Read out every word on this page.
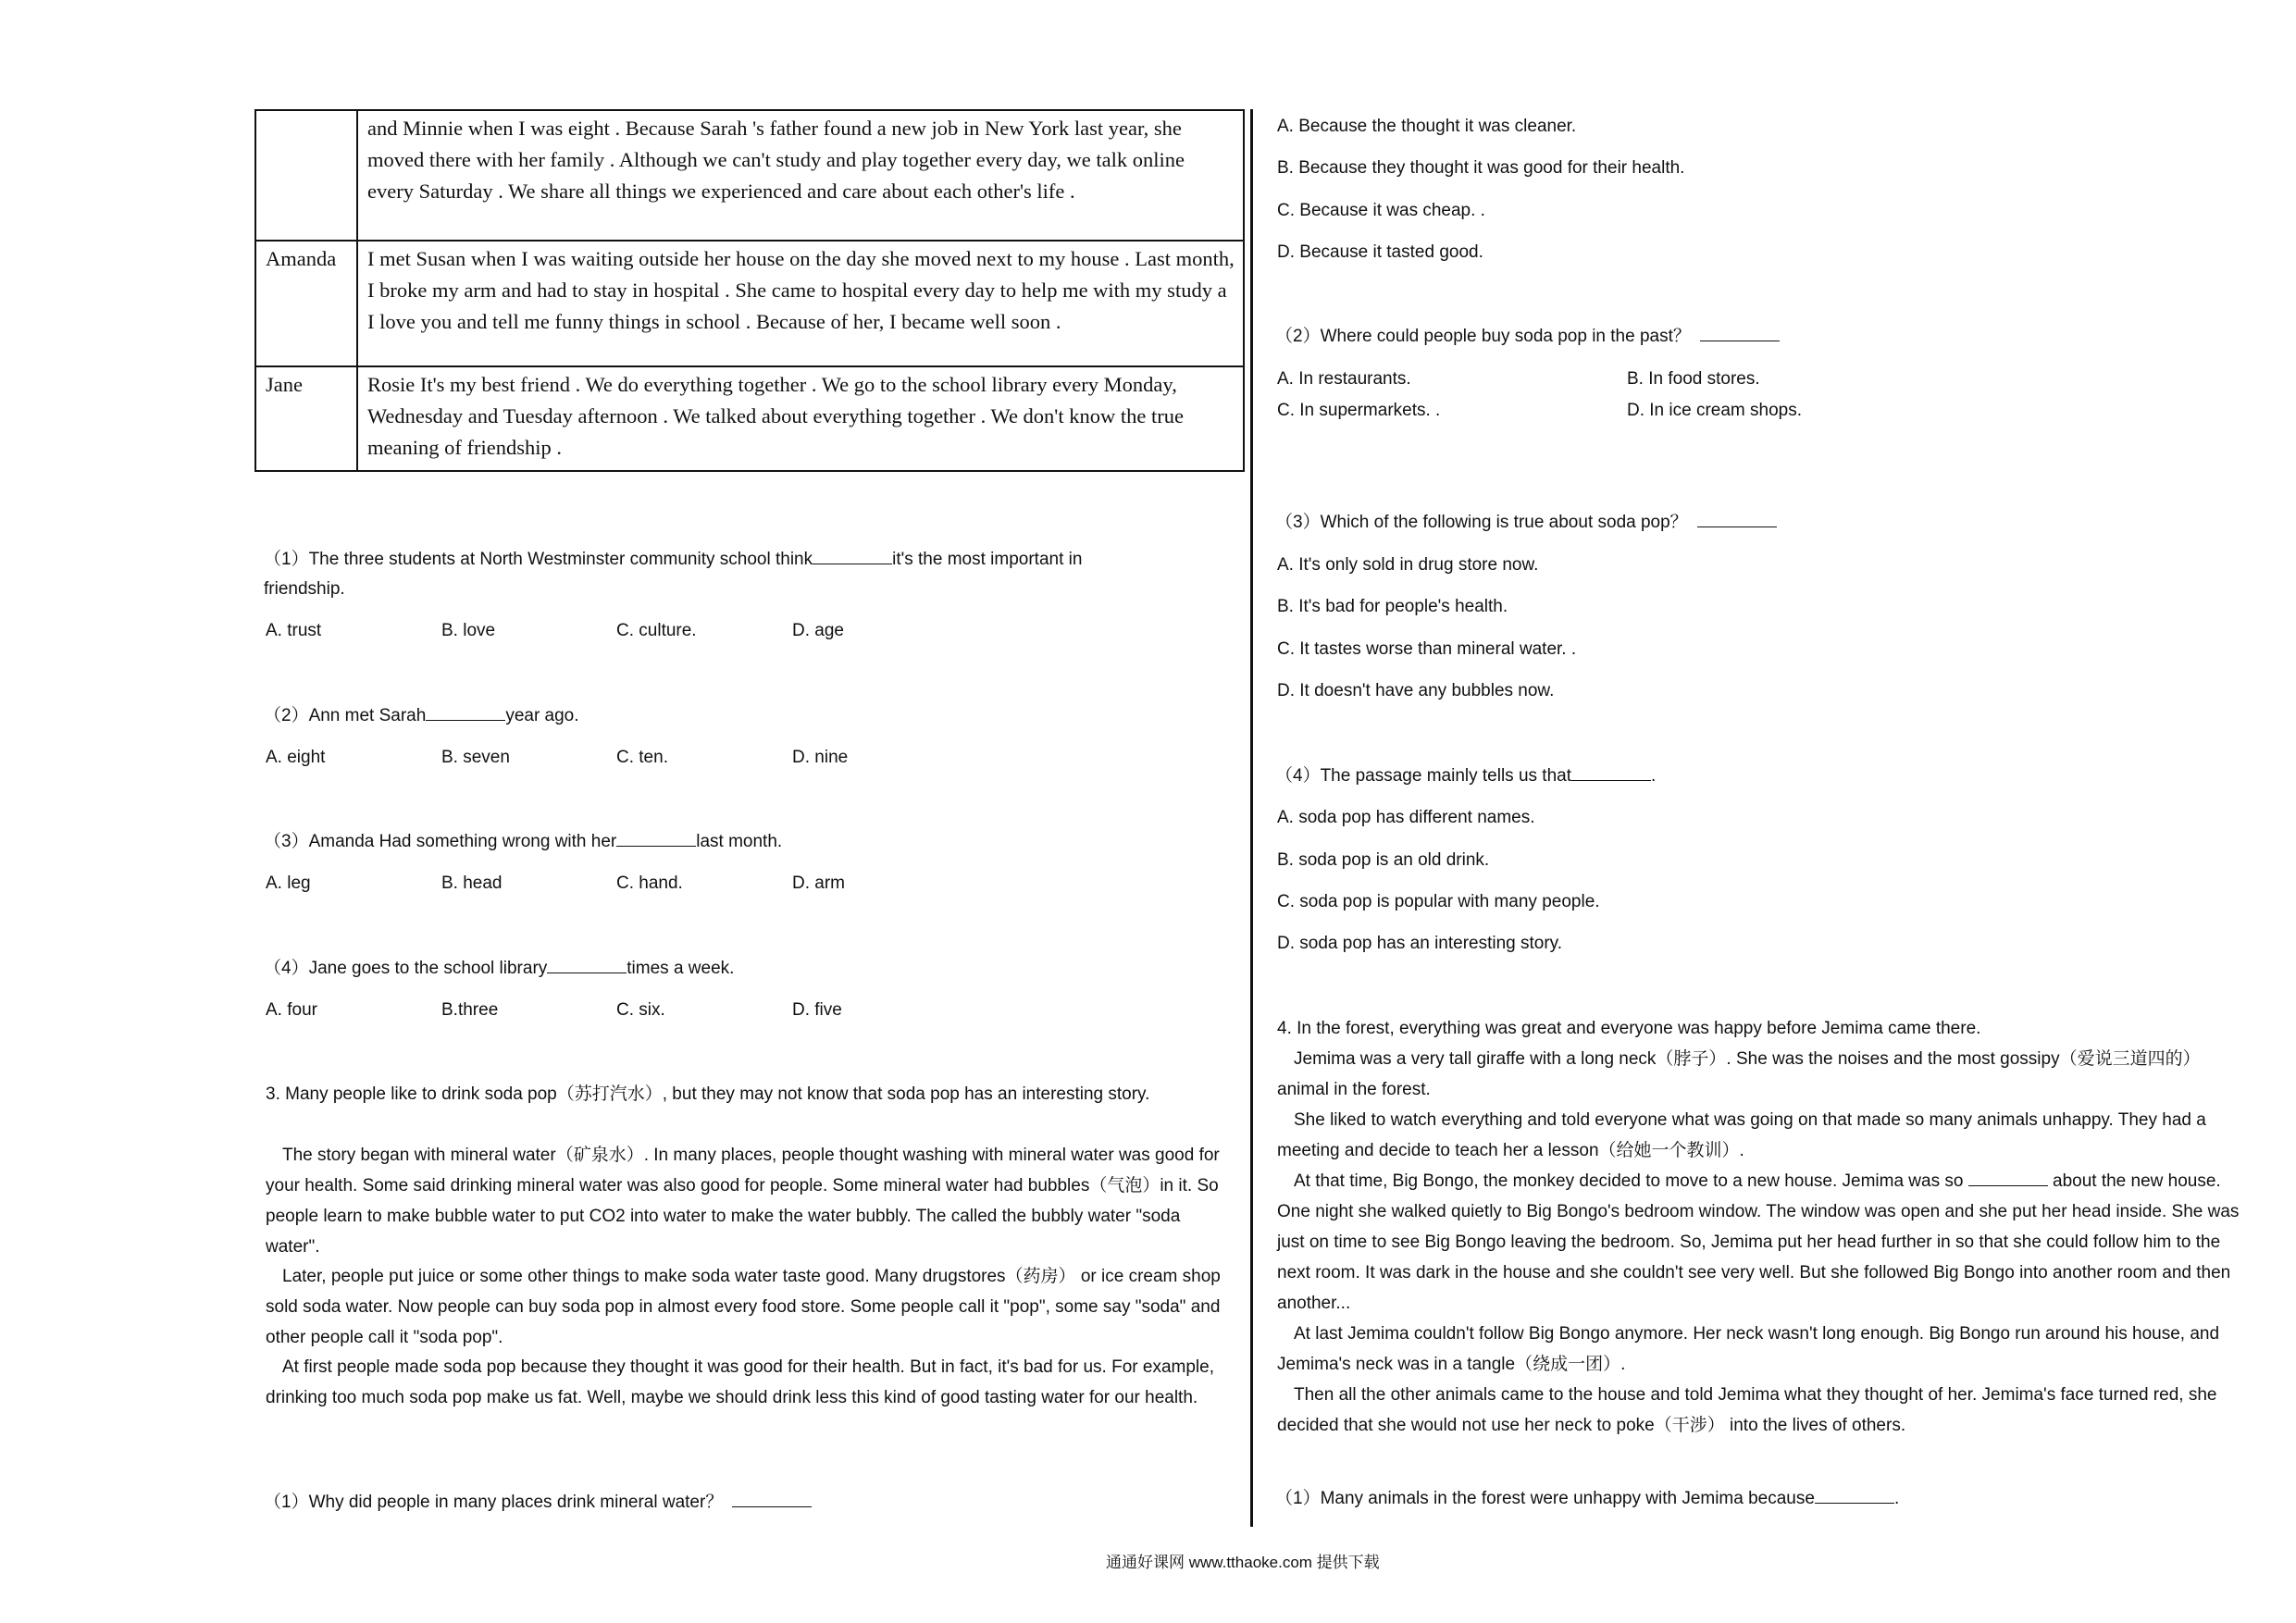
	and Minnie when I was eight . Because Sarah 's father found a new job in New York last year, she moved there with her family . Although we can't study and play together every day, we talk online every Saturday . We share all things we experienced and care about each other's life .
Amanda	I met Susan when I was waiting outside her house on the day she moved next to my house . Last month, I broke my arm and had to stay in hospital . She came to hospital every day to help me with my study a I love you and tell me funny things in school . Because of her, I became well soon .
Jane	Rosie It's my best friend . We do everything together . We go to the school library every Monday, Wednesday and Tuesday afternoon . We talked about everything together . We don't know the true meaning of friendship .
（1）The three students at North Westminster community school think	it's the most important in
friendship.
A. trust	B. love	C. culture.	D. age
（2）Ann met Sarah	year ago.
A. eight	B. seven	C. ten.	D. nine
（3）Amanda Had something wrong with her	last month.
A. leg	B. head	C. hand.	D. arm
（4）Jane goes to the school library	times a week.
A. four	B.three	C. six.	D. five
3. Many people like to drink soda pop（苏打汽水）, but they may not know that soda pop has an interesting story.
The story began with mineral water（矿泉水）. In many places, people thought washing with mineral water was good for your health. Some said drinking mineral water was also good for people. Some mineral water had bubbles（气泡）in it. So people learn to make bubble water to put CO2 into water to make the water bubbly. The called the bubbly water "soda water".
Later, people put juice or some other things to make soda water taste good. Many drugstores（药房） or ice cream shop sold soda water. Now people can buy soda pop in almost every food store. Some people call it "pop", some say "soda" and other people call it "soda pop".
At first people made soda pop because they thought it was good for their health. But in fact, it's bad for us. For example, drinking too much soda pop make us fat. Well, maybe we should drink less this kind of good tasting water for our health.
（1）Why did people in many places drink mineral water？
A. Because the thought it was cleaner.
B. Because they thought it was good for their health.
C. Because it was cheap. .
D. Because it tasted good.
（2）Where could people buy soda pop in the past？
A. In restaurants.	B. In food stores.
C. In supermarkets. .	D. In ice cream shops.
（3）Which of the following is true about soda pop？
A. It's only sold in drug store now.
B. It's bad for people's health.
C. It tastes worse than mineral water. .
D. It doesn't have any bubbles now.
（4）The passage mainly tells us that	.
A. soda pop has different names.
B. soda pop is an old drink.
C. soda pop is popular with many people.
D. soda pop has an interesting story.
4. In the forest, everything was great and everyone was happy before Jemima came there.
Jemima was a very tall giraffe with a long neck（脖子）. She was the noises and the most gossipy（爱说三道四的） animal in the forest.
She liked to watch everything and told everyone what was going on that made so many animals unhappy. They had a meeting and decide to teach her a lesson（给她一个教训）.
At that time, Big Bongo, the monkey decided to move to a new house. Jemima was so	about the new house. One night she walked quietly to Big Bongo's bedroom window. The window was open and she put her head inside. She was just on time to see Big Bongo leaving the bedroom. So, Jemima put her head further in so that she could follow him to the next room. It was dark in the house and she couldn't see very well. But she followed Big Bongo into another room and then another...
At last Jemima couldn't follow Big Bongo anymore. Her neck wasn't long enough. Big Bongo run around his house, and Jemima's neck was in a tangle（绕成一团）.
Then all the other animals came to the house and told Jemima what they thought of her. Jemima's face turned red, she decided that she would not use her neck to poke（干涉） into the lives of others.
（1）Many animals in the forest were unhappy with Jemima because	.
通通好课网 www.tthaoke.com 提供下载
